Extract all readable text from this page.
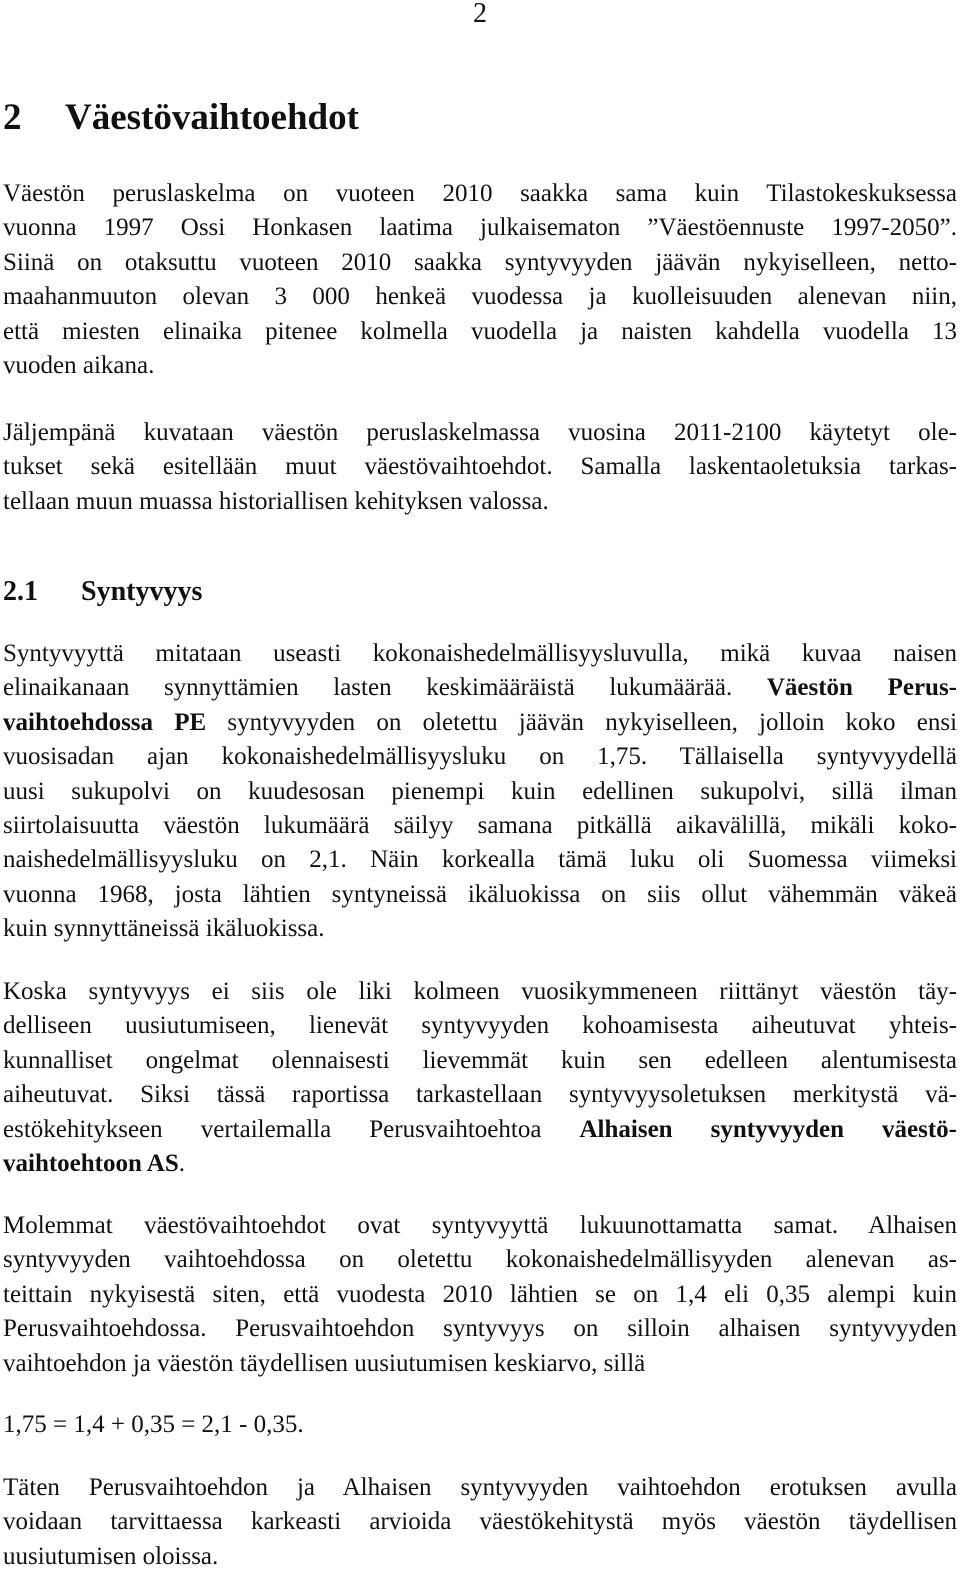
2
2 Väestövaihtoehdot
Väestön peruslaskelma on vuoteen 2010 saakka sama kuin Tilastokeskuksessa
vuonna 1997 Ossi Honkasen laatima julkaisematon ”Väestöennuste 1997-2050”.
Siinä on otaksuttu vuoteen 2010 saakka syntyvyyden jäävän nykyiselleen, netto-
maahanmuuton olevan 3 000 henkeä vuodessa ja kuolleisuuden alenevan niin,
että miesten elinaika pitenee kolmella vuodella ja naisten kahdella vuodella 13
vuoden aikana.
Jäljempänä kuvataan väestön peruslaskelmassa vuosina 2011-2100 käytetyt ole-
tukset sekä esitellään muut väestövaihtoehdot. Samalla laskentaoletuksia tarkas-
tellaan muun muassa historiallisen kehityksen valossa.
2.1 Syntyvyys
Syntyvyyttä mitataan useasti kokonaishedelmällisyysluvulla, mikä kuvaa naisen
elinaikanaan synnyttämien lasten keskimääräistä lukumäärää. Väestön Perus-
vaihtoehdossa PE syntyvyyden on oletettu jäävän nykyiselleen, jolloin koko ensi
vuosisadan ajan kokonaishedelmällisyysluku on 1,75. Tällaisella syntyvyydellä
uusi sukupolvi on kuudesosan pienempi kuin edellinen sukupolvi, sillä ilman
siirtolaisuutta väestön lukumäärä säilyy samana pitkällä aikavälillä, mikäli koko-
naishedelmällisyysluku on 2,1. Näin korkealla tämä luku oli Suomessa viimeksi
vuonna 1968, josta lähtien syntyneissä ikäluokissa on siis ollut vähemmän väkeä
kuin synnyttäneissä ikäluokissa.
Koska syntyvyys ei siis ole liki kolmeen vuosikymmeneen riittänyt väestön täy-
delliseen uusiutumiseen, lienevät syntyvyyden kohoamisesta aiheutuvat yhteis-
kunnalliset ongelmat olennaisesti lievemmät kuin sen edelleen alentumisesta
aiheutuvat. Siksi tässä raportissa tarkastellaan syntyvyysoletuksen merkitystä vä-
estökehitykseen vertailemalla Perusvaihtoehtoa Alhaisen syntyvyyden väestö-
vaihtoehtoon AS.
Molemmat väestövaihtoehdot ovat syntyvyyttä lukuunottamatta samat. Alhaisen
syntyvyyden vaihtoehdossa on oletettu kokonaishedelmällisyyden alenevan as-
teittain nykyisestä siten, että vuodesta 2010 lähtien se on 1,4 eli 0,35 alempi kuin
Perusvaihtoehdossa. Perusvaihtoehdon syntyvyys on silloin alhaisen syntyvyyden
vaihtoehdon ja väestön täydellisen uusiutumisen keskiarvo, sillä
1,75 = 1,4 + 0,35 = 2,1 - 0,35.
Täten Perusvaihtoehdon ja Alhaisen syntyvyyden vaihtoehdon erotuksen avulla
voidaan tarvittaessa karkeasti arvioida väestökehitystä myös väestön täydellisen
uusiutumisen oloissa.
